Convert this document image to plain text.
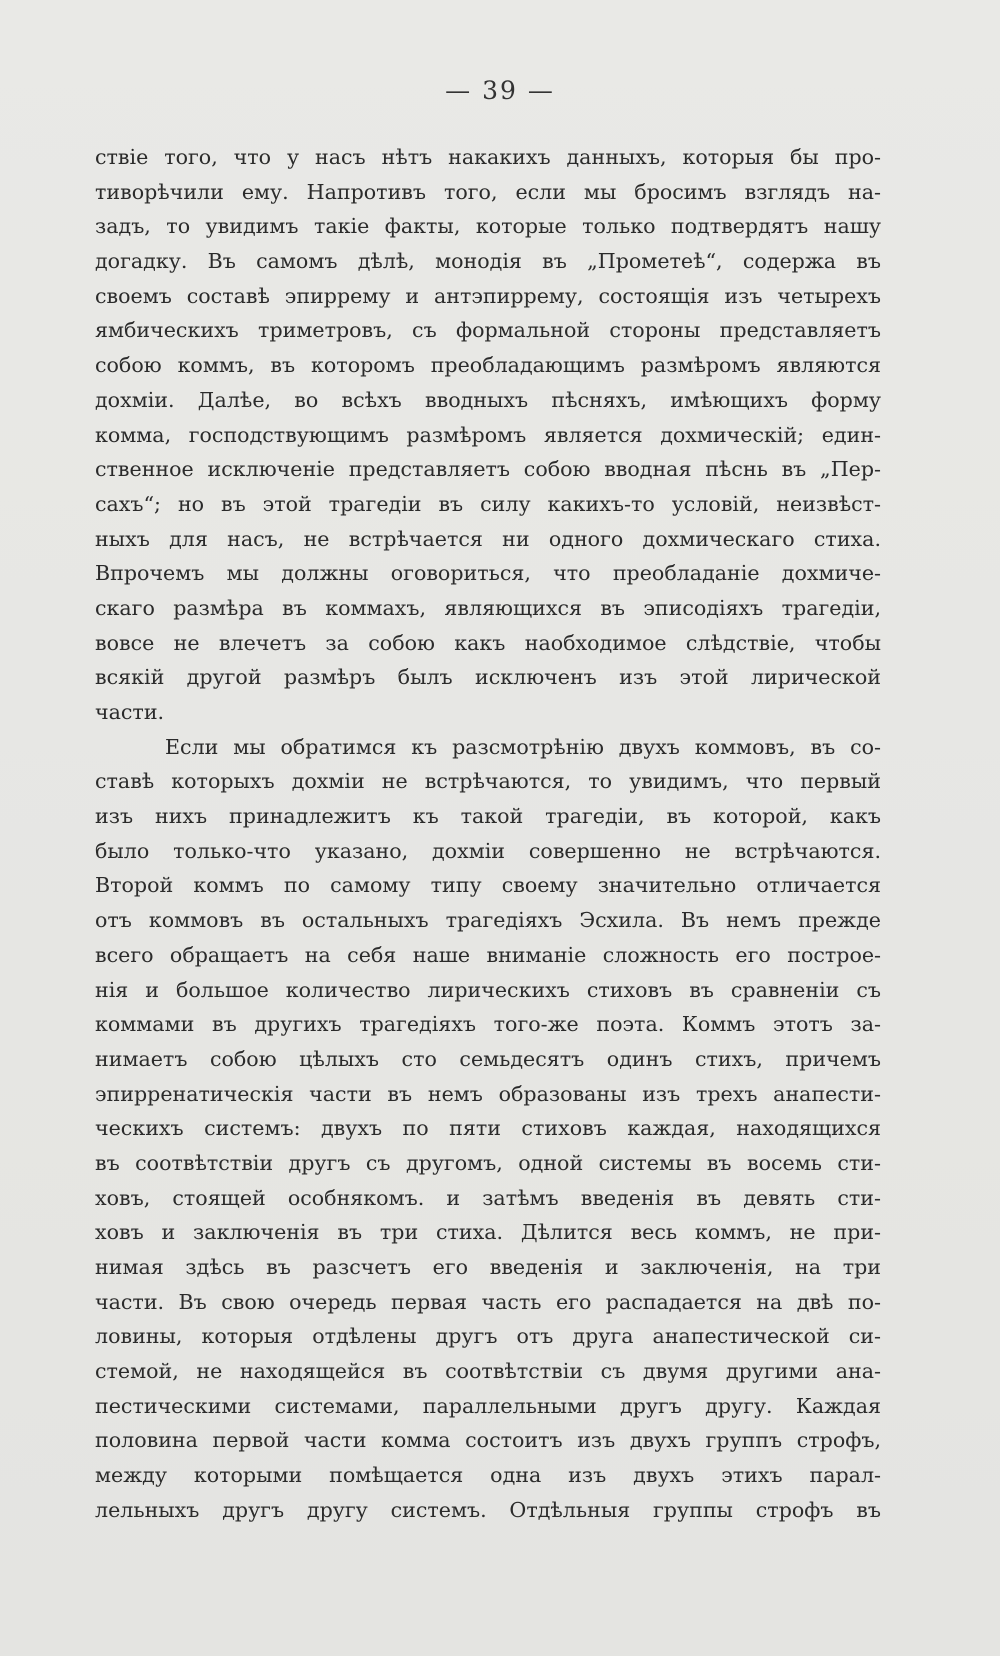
— 39 —
ствіе того, что у насъ нѣтъ накакихъ данныхъ, которыя бы про-
тиворѣчили ему. Напротивъ того, если мы бросимъ взглядъ на-
задъ, то увидимъ такіе факты, которые только подтвердятъ нашу
догадку. Въ самомъ дѣлѣ, монодія въ „Прометеѣ“, содержа въ
своемъ составѣ эпиррему и антэпиррему, состоящія изъ четырехъ
ямбическихъ триметровъ, съ формальной стороны представляетъ
собою коммъ, въ которомъ преобладающимъ размѣромъ являются
дохміи. Далѣе, во всѣхъ вводныхъ пѣсняхъ, имѣющихъ форму
комма, господствующимъ размѣромъ является дохмическій; един-
ственное исключеніе представляетъ собою вводная пѣснь въ „Пер-
сахъ“; но въ этой трагедіи въ силу какихъ-то условій, неизвѣст-
ныхъ для насъ, не встрѣчается ни одного дохмическаго стиха.
Впрочемъ мы должны оговориться, что преобладаніе дохмиче-
скаго размѣра въ коммахъ, являющихся въ эписодіяхъ трагедіи,
вовсе не влечетъ за собою какъ наобходимое слѣдствіе, чтобы
всякій другой размѣръ былъ исключенъ изъ этой лирической
части.
Если мы обратимся къ разсмотрѣнію двухъ коммовъ, въ со-
ставѣ которыхъ дохміи не встрѣчаются, то увидимъ, что первый
изъ нихъ принадлежитъ къ такой трагедіи, въ которой, какъ
было только-что указано, дохміи совершенно не встрѣчаются.
Второй коммъ по самому типу своему значительно отличается
отъ коммовъ въ остальныхъ трагедіяхъ Эсхила. Въ немъ прежде
всего обращаетъ на себя наше вниманіе сложность его построе-
нія и большое количество лирическихъ стиховъ въ сравненіи съ
коммами въ другихъ трагедіяхъ того-же поэта. Коммъ этотъ за-
нимаетъ собою цѣлыхъ сто семьдесятъ одинъ стихъ, причемъ
эпирренатическія части въ немъ образованы изъ трехъ анапести-
ческихъ системъ: двухъ по пяти стиховъ каждая, находящихся
въ соотвѣтствіи другъ съ другомъ, одной системы въ восемь сти-
ховъ, стоящей особнякомъ. и затѣмъ введенія въ девять сти-
ховъ и заключенія въ три стиха. Дѣлится весь коммъ, не при-
нимая здѣсь въ разсчетъ его введенія и заключенія, на три
части. Въ свою очередь первая часть его распадается на двѣ по-
ловины, которыя отдѣлены другъ отъ друга анапестической си-
стемой, не находящейся въ соотвѣтствіи съ двумя другими ана-
пестическими системами, параллельными другъ другу. Каждая
половина первой части комма состоитъ изъ двухъ группъ строфъ,
между которыми помѣщается одна изъ двухъ этихъ парал-
лельныхъ другъ другу системъ. Отдѣльныя группы строфъ въ
